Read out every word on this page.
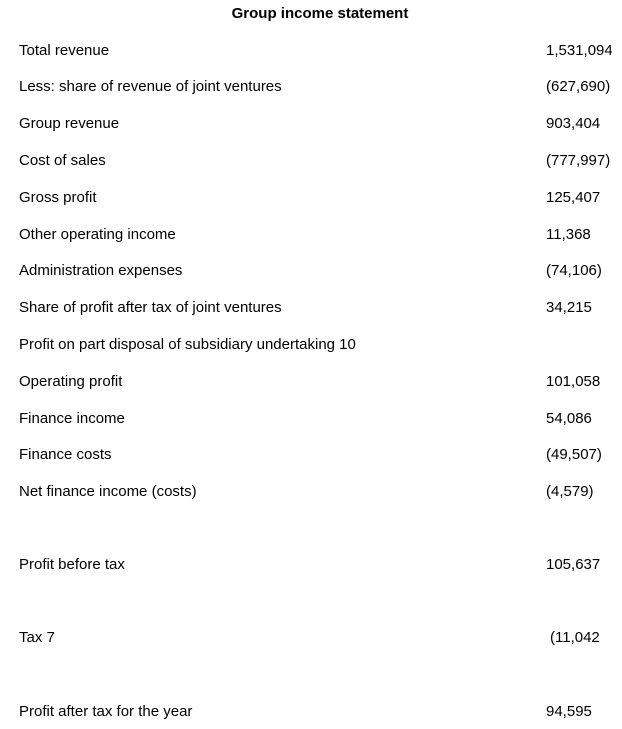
Group income statement
Total revenue	1,531,094
Less: share of revenue of joint ventures	(627,690)
Group revenue	903,404
Cost of sales	(777,997)
Gross profit	125,407
Other operating income	11,368
Administration expenses	(74,106)
Share of profit after tax of joint ventures	34,215
Profit on part disposal of subsidiary undertaking 10
Operating profit	101,058
Finance income	54,086
Finance costs	(49,507)
Net finance income (costs)	(4,579)
Profit before tax	105,637
Tax 7	(11,042
Profit after tax for the year	94,595
